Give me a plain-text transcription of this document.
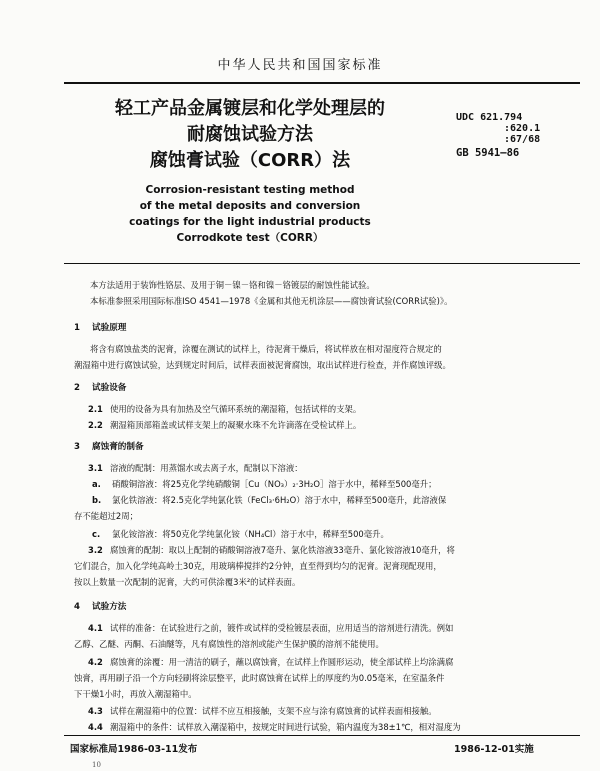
中华人民共和国国家标准
轻工产品金属镀层和化学处理层的
耐腐蚀试验方法
腐蚀膏试验（CORR）法
UDC 621.794
:620.1
:67/68
GB 5941—86
Corrosion-resistant testing method
of the metal deposits and conversion
coatings for the light industrial products
Corrodkote test（CORR）
本方法适用于装饰性铬层、及用于铜－镍－铬和镍－铬镀层的耐蚀性能试验。
本标准参照采用国际标准ISO 4541—1978《金属和其他无机涂层——腐蚀膏试验(CORR试验)》。
1 试验原理
将含有腐蚀盐类的泥膏，涂覆在测试的试样上，待泥膏干燥后，将试样放在相对湿度符合规定的
潮湿箱中进行腐蚀试验，达到规定时间后，试样表面被泥膏腐蚀，取出试样进行检查，并作腐蚀评级。
2 试验设备
2.1 使用的设备为具有加热及空气循环系统的潮湿箱，包括试样的支架。
2.2 潮湿箱顶部箱盖或试样支架上的凝聚水珠不允许滴落在受检试样上。
3 腐蚀膏的制备
3.1 溶液的配制：用蒸馏水或去离子水，配制以下溶液：
a. 硝酸铜溶液：将25克化学纯硝酸铜［Cu（NO₃）₂·3H₂O］溶于水中，稀释至500毫升；
b. 氯化铁溶液：将2.5克化学纯氯化铁（FeCl₃·6H₂O）溶于水中，稀释至500毫升，此溶液保
存不能超过2周；
c. 氯化铵溶液：将50克化学纯氯化铵（NH₄Cl）溶于水中，稀释至500毫升。
3.2 腐蚀膏的配制：取以上配制的硝酸铜溶液7毫升、氯化铁溶液33毫升、氯化铵溶液10毫升，将
它们混合，加入化学纯高岭土30克，用玻璃棒搅拌约2分钟，直至得到均匀的泥膏。泥膏现配现用，
按以上数量一次配制的泥膏，大约可供涂覆3米²的试样表面。
4 试验方法
4.1 试样的准备：在试验进行之前，镀件或试样的受检镀层表面，应用适当的溶剂进行清洗。例如
乙醇、乙醚、丙酮、石油醚等，凡有腐蚀性的溶剂或能产生保护膜的溶剂不能使用。
4.2 腐蚀膏的涂覆：用一清洁的刷子，蘸以腐蚀膏，在试样上作圆形运动，使全部试样上均涂满腐
蚀膏，再用刷子沿一个方向轻刷将涂层整平，此时腐蚀膏在试样上的厚度约为0.05毫米，在室温条件
下干燥1小时，再放入潮湿箱中。
4.3 试样在潮湿箱中的位置：试样不应互相接触，支架不应与涂有腐蚀膏的试样表面相接触。
4.4 潮湿箱中的条件：试样放入潮湿箱中，按规定时间进行试验，箱内温度为38±1℃，相对湿度为
国家标准局1986-03-11发布	1986-12-01实施
10
